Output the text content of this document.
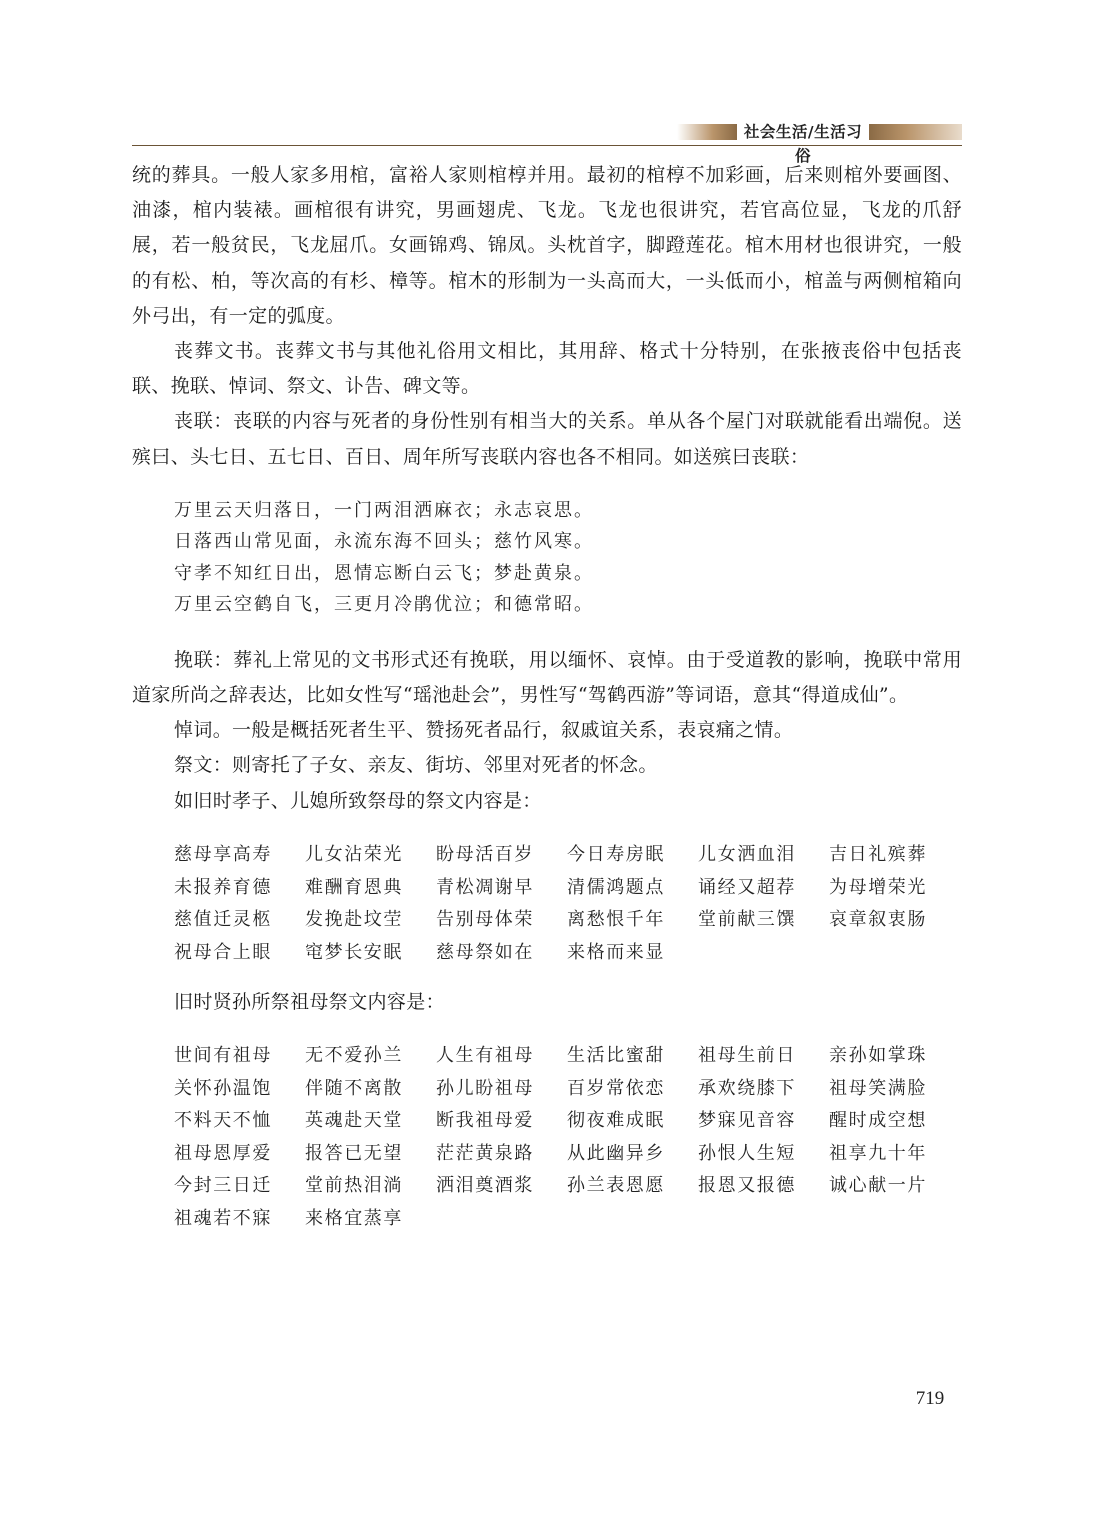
社会生活/生活习俗

统的葬具。一般人家多用棺，富裕人家则棺椁并用。最初的棺椁不加彩画，后来则棺外要画图、油漆，棺内装裱。画棺很有讲究，男画翅虎、飞龙。飞龙也很讲究，若官高位显，飞龙的爪舒展，若一般贫民，飞龙屈爪。女画锦鸡、锦凤。头枕首字，脚蹬莲花。棺木用材也很讲究，一般的有松、柏，等次高的有杉、樟等。棺木的形制为一头高而大，一头低而小，棺盖与两侧棺箱向外弓出，有一定的弧度。

丧葬文书。丧葬文书与其他礼俗用文相比，其用辞、格式十分特别，在张掖丧俗中包括丧联、挽联、悼词、祭文、讣告、碑文等。

丧联：丧联的内容与死者的身份性别有相当大的关系。单从各个屋门对联就能看出端倪。送殡曰、头七日、五七日、百日、周年所写丧联内容也各不相同。如送殡曰丧联：

万里云天归落日，一门两泪洒麻衣；永志哀思。
日落西山常见面，永流东海不回头；慈竹风寒。
守孝不知红日出，恩情忘断白云飞；梦赴黄泉。
万里云空鹤自飞，三更月冷鹃优泣；和德常昭。

挽联：葬礼上常见的文书形式还有挽联，用以缅怀、哀悼。由于受道教的影响，挽联中常用道家所尚之辞表达，比如女性写“瑶池赴会”，男性写“驾鹤西游”等词语，意其“得道成仙”。

悼词。一般是概括死者生平、赞扬死者品行，叙戚谊关系，表哀痛之情。

祭文：则寄托了子女、亲友、街坊、邻里对死者的怀念。

如旧时孝子、儿媳所致祭母的祭文内容是：

慈母享高寿	儿女沾荣光	盼母活百岁	今日寿房眠	儿女洒血泪	吉日礼殡葬
未报养育德	难酬育恩典	青松凋谢早	清儒鸿题点	诵经又超荐	为母增荣光
慈值迁灵柩	发挽赴坟茔	告别母体荣	离愁恨千年	堂前献三馔	哀章叙衷肠
祝母合上眼	窀梦长安眠	慈母祭如在	来格而来显

旧时贤孙所祭祖母祭文内容是：

世间有祖母	无不爱孙兰	人生有祖母	生活比蜜甜	祖母生前日	亲孙如掌珠
关怀孙温饱	伴随不离散	孙儿盼祖母	百岁常依恋	承欢绕膝下	祖母笑满脸
不料天不恤	英魂赴天堂	断我祖母爱	彻夜难成眠	梦寐见音容	醒时成空想
祖母恩厚爱	报答已无望	茫茫黄泉路	从此幽异乡	孙恨人生短	祖享九十年
今封三日迁	堂前热泪淌	洒泪奠酒浆	孙兰表恩愿	报恩又报德	诚心献一片
祖魂若不寐	来格宜蒸享
719
